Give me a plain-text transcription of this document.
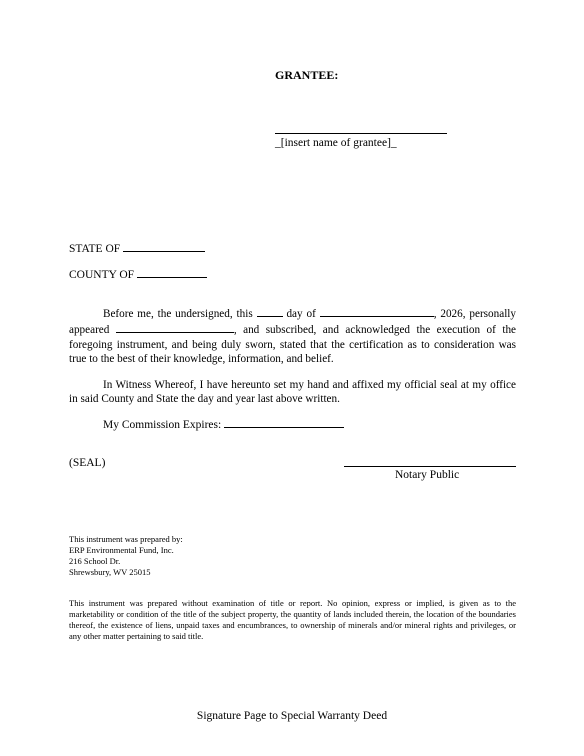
GRANTEE:
_[insert name of grantee]_
STATE OF
COUNTY OF
Before me, the undersigned, this	day of	, 2026, personally appeared	, and subscribed, and acknowledged the execution of the foregoing instrument, and being duly sworn, stated that the certification as to consideration was true to the best of their knowledge, information, and belief.
In Witness Whereof, I have hereunto set my hand and affixed my official seal at my office in said County and State the day and year last above written.
My Commission Expires:
(SEAL)
Notary Public
This instrument was prepared by:
ERP Environmental Fund, Inc.
216 School Dr.
Shrewsbury, WV 25015
This instrument was prepared without examination of title or report. No opinion, express or implied, is given as to the marketability or condition of the title of the subject property, the quantity of lands included therein, the location of the boundaries thereof, the existence of liens, unpaid taxes and encumbrances, to ownership of minerals and/or mineral rights and privileges, or any other matter pertaining to said title.
Signature Page to Special Warranty Deed
